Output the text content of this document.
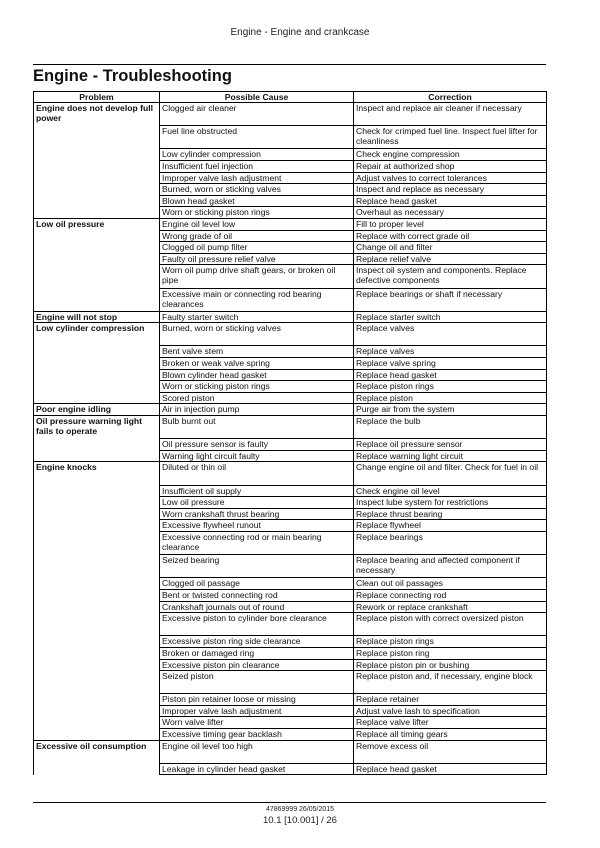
Engine - Engine and crankcase
Engine - Troubleshooting
Problem	Possible Cause	Correction
Engine does not develop full power	Clogged air cleaner	Inspect and replace air cleaner if necessary
	Fuel line obstructed	Check for crimped fuel line. Inspect fuel lifter for cleanliness
	Low cylinder compression	Check engine compression
	Insufficient fuel injection	Repair at authorized shop
	Improper valve lash adjustment	Adjust valves to correct tolerances
	Burned, worn or sticking valves	Inspect and replace as necessary
	Blown head gasket	Replace head gasket
	Worn or sticking piston rings	Overhaul as necessary
Low oil pressure	Engine oil level low	Fill to proper level
	Wrong grade of oil	Replace with correct grade oil
	Clogged oil pump filter	Change oil and filter
	Faulty oil pressure relief valve	Replace relief valve
	Worn oil pump drive shaft gears, or broken oil pipe	Inspect oil system and components. Replace defective components
	Excessive main or connecting rod bearing clearances	Replace bearings or shaft if necessary
Engine will not stop	Faulty starter switch	Replace starter switch
Low cylinder compression	Burned, worn or sticking valves	Replace valves
	Bent valve stem	Replace valves
	Broken or weak valve spring	Replace valve spring
	Blown cylinder head gasket	Replace head gasket
	Worn or sticking piston rings	Replace piston rings
	Scored piston	Replace piston
Poor engine idling	Air in injection pump	Purge air from the system
Oil pressure warning light fails to operate	Bulb burnt out	Replace the bulb
	Oil pressure sensor is faulty	Replace oil pressure sensor
	Warning light circuit faulty	Replace warning light circuit
Engine knocks	Diluted or thin oil	Change engine oil and filter. Check for fuel in oil
	Insufficient oil supply	Check engine oil level
	Low oil pressure	Inspect lube system for restrictions
	Worn crankshaft thrust bearing	Replace thrust bearing
	Excessive flywheel runout	Replace flywheel
	Excessive connecting rod or main bearing clearance	Replace bearings
	Seized bearing	Replace bearing and affected component if necessary
	Clogged oil passage	Clean out oil passages
	Bent or twisted connecting rod	Replace connecting rod
	Crankshaft journals out of round	Rework or replace crankshaft
	Excessive piston to cylinder bore clearance	Replace piston with correct oversized piston
	Excessive piston ring side clearance	Replace piston rings
	Broken or damaged ring	Replace piston ring
	Excessive piston pin clearance	Replace piston pin or bushing
	Seized piston	Replace piston and, if necessary, engine block
	Piston pin retainer loose or missing	Replace retainer
	Improper valve lash adjustment	Adjust valve lash to specification
	Worn valve lifter	Replace valve lifter
	Excessive timing gear backlash	Replace all timing gears
Excessive oil consumption	Engine oil level too high	Remove excess oil
	Leakage in cylinder head gasket	Replace head gasket
47869999 26/05/2015
10.1 [10.001] / 26
